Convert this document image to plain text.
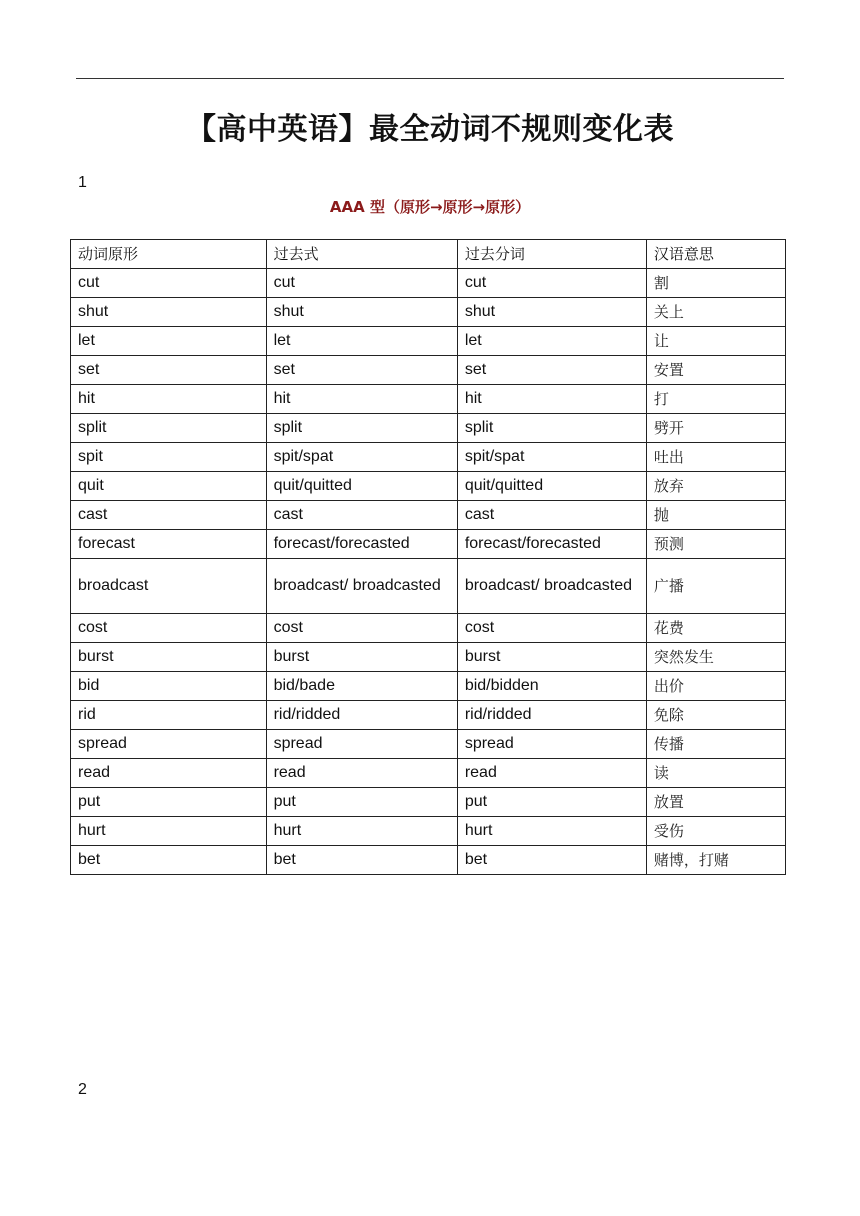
【高中英语】最全动词不规则变化表
1
AAA 型（原形→原形→原形）
动词原形	过去式	过去分词	汉语意思
cut	cut	cut	割
shut	shut	shut	关上
let	let	let	让
set	set	set	安置
hit	hit	hit	打
split	split	split	劈开
spit	spit/spat	spit/spat	吐出
quit	quit/quitted	quit/quitted	放弃
cast	cast	cast	抛
forecast	forecast/forecasted	forecast/forecasted	预测
broadcast	broadcast/ broadcasted	broadcast/ broadcasted	广播
cost	cost	cost	花费
burst	burst	burst	突然发生
bid	bid/bade	bid/bidden	出价
rid	rid/ridded	rid/ridded	免除
spread	spread	spread	传播
read	read	read	读
put	put	put	放置
hurt	hurt	hurt	受伤
bet	bet	bet	赌博，打赌
2
